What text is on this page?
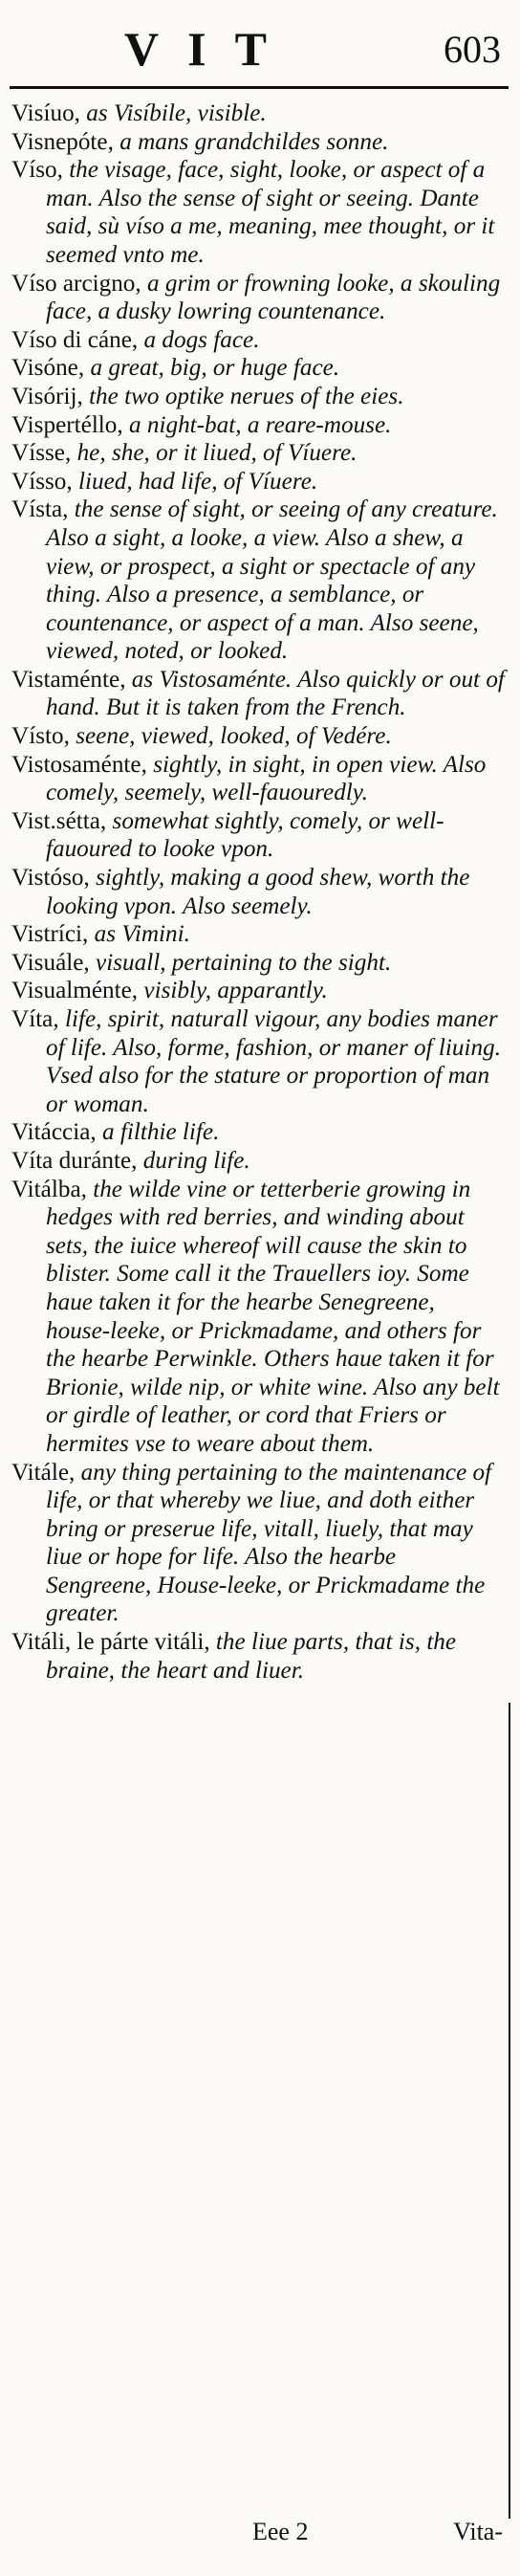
VIT	603

Visíuo, as Visíbile, visible.

Visnepóte, a mans grandchildes sonne.

Víso, the visage, face, sight, looke, or aspect of a man. Also the sense of sight or seeing. Dante said, sù víso a me, meaning, mee thought, or it seemed vnto me.

Víso arcigno, a grim or frowning looke, a skouling face, a dusky lowring countenance.

Víso di cáne, a dogs face.

Visóne, a great, big, or huge face.

Visórij, the two optike nerues of the eies.

Vispertéllo, a night-bat, a reare-mouse.

Vísse, he, she, or it liued, of Víuere.

Vísso, liued, had life, of Víuere.

Vísta, the sense of sight, or seeing of any creature. Also a sight, a looke, a view. Also a shew, a view, or prospect, a sight or spectacle of any thing. Also a presence, a semblance, or countenance, or aspect of a man. Also seene, viewed, noted, or looked.

Vistaménte, as Vistosaménte. Also quickly or out of hand. But it is taken from the French.

Vísto, seene, viewed, looked, of Vedére.

Vistosaménte, sightly, in sight, in open view. Also comely, seemely, well-fauouredly.

Vist.sétta, somewhat sightly, comely, or well-fauoured to looke vpon.

Vistóso, sightly, making a good shew, worth the looking vpon. Also seemely.

Vistríci, as Vimini.

Visuále, visuall, pertaining to the sight.

Visualménte, visibly, apparantly.

Víta, life, spirit, naturall vigour, any bodies maner of life. Also, forme, fashion, or maner of liuing. Vsed also for the stature or proportion of man or woman.

Vitáccia, a filthie life.

Víta duránte, during life.

Vitálba, the wilde vine or tetterberie growing in hedges with red berries, and winding about sets, the iuice whereof will cause the skin to blister. Some call it the Trauellers ioy. Some haue taken it for the hearbe Senegreene, house-leeke, or Prickmadame, and others for the hearbe Perwinkle. Others haue taken it for Brionie, wilde nip, or white wine. Also any belt or girdle of leather, or cord that Friers or hermites vse to weare about them.

Vitále, any thing pertaining to the maintenance of life, or that whereby we liue, and doth either bring or preserue life, vitall, liuely, that may liue or hope for life. Also the hearbe Sengreene, House-leeke, or Prickmadame the greater.

Vitáli, le párte vitáli, the liue parts, that is, the braine, the heart and liuer.

Eee 2	Vita-
